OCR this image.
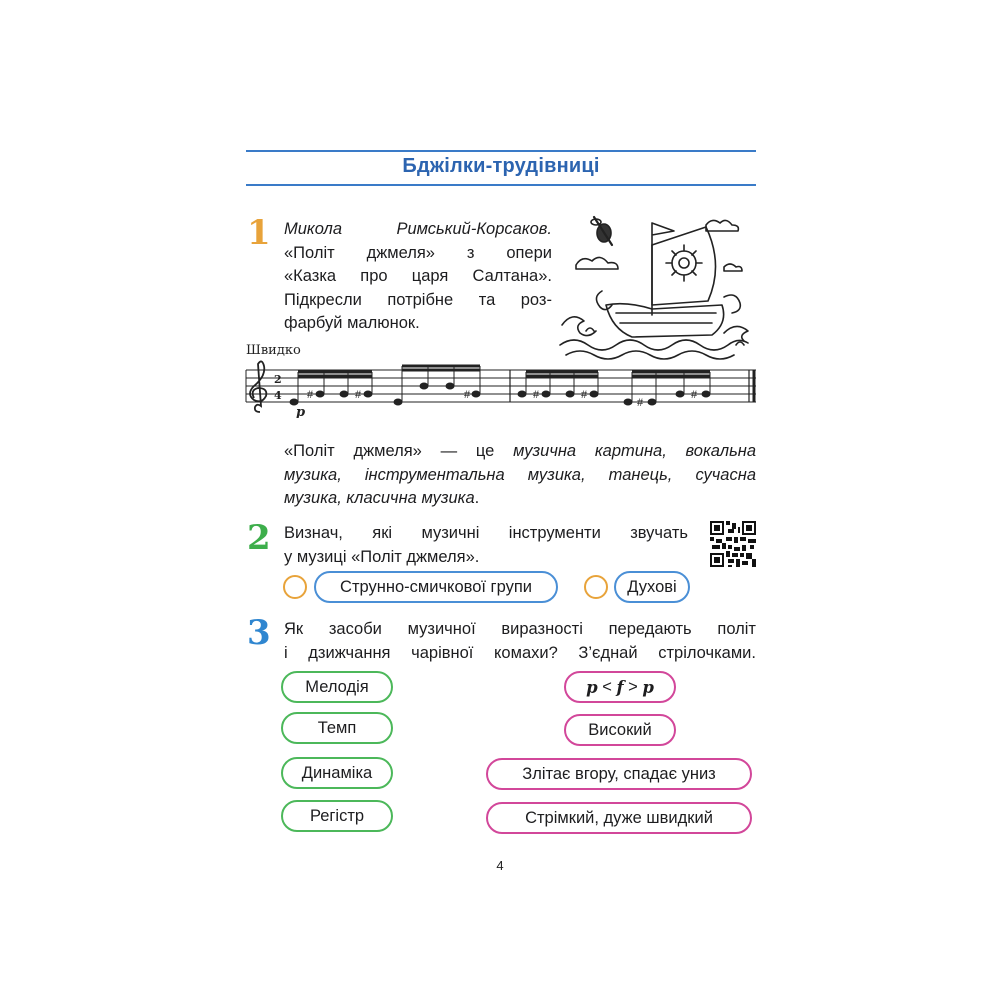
Бджілки-трудівниці
1 Микола Римський-Корсаков.
«Політ джмеля» з опери
«Казка про царя Салтана».
Підкресли потрібне та роз-
фарбуй малюнок.
Швидко
2
4 #	#	#	#	#
#
#
p
«Політ джмеля» — це музична картина, вокальна
музика, інструментальна музика, танець, сучасна
музика, класична музика.
2 Визнач, які музичні інструменти звучать
у музиці «Політ джмеля».
Струнно-смичкової групи	Духові
3 Як засоби музичної виразності передають політ
і дзижчання чарівної комахи? З’єднай стрілочками.
Мелодія
Темп
Динаміка
Регістр
p < f > p
Високий
Злітає вгору, спадає униз
Стрімкий, дуже швидкий
4
